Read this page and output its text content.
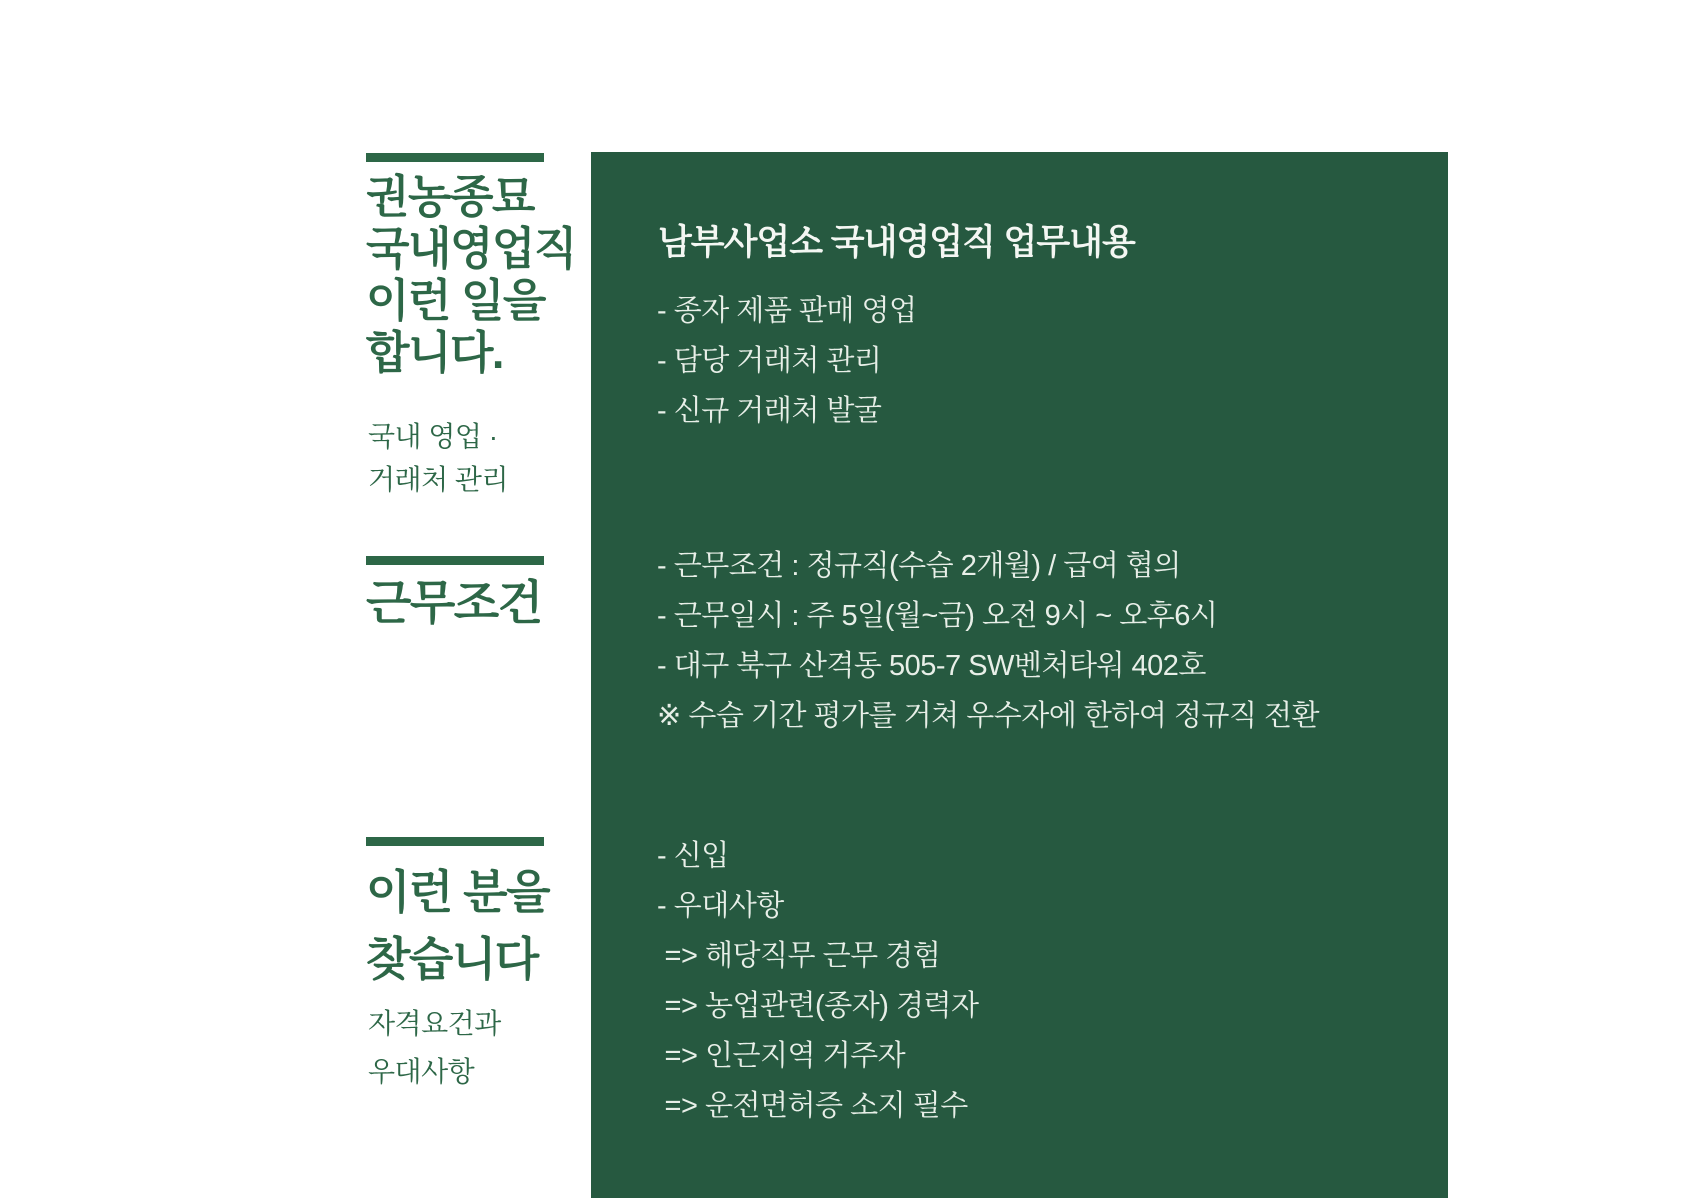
권농종묘
국내영업직
이런 일을
합니다.

국내 영업 ·
거래처 관리

근무조건
이런 분을
찾습니다

자격요건과
우대사항

남부사업소 국내영업직 업무내용
- 종자 제품 판매 영업
- 담당 거래처 관리
- 신규 거래처 발굴
- 근무조건 : 정규직(수습 2개월) / 급여 협의
- 근무일시 : 주 5일(월~금) 오전 9시 ~ 오후6시
- 대구 북구 산격동 505-7 SW벤처타워 402호
※ 수습 기간 평가를 거쳐 우수자에 한하여 정규직 전환
- 신입
- 우대사항
=> 해당직무 근무 경험
=> 농업관련(종자) 경력자
=> 인근지역 거주자
=> 운전면허증 소지 필수
